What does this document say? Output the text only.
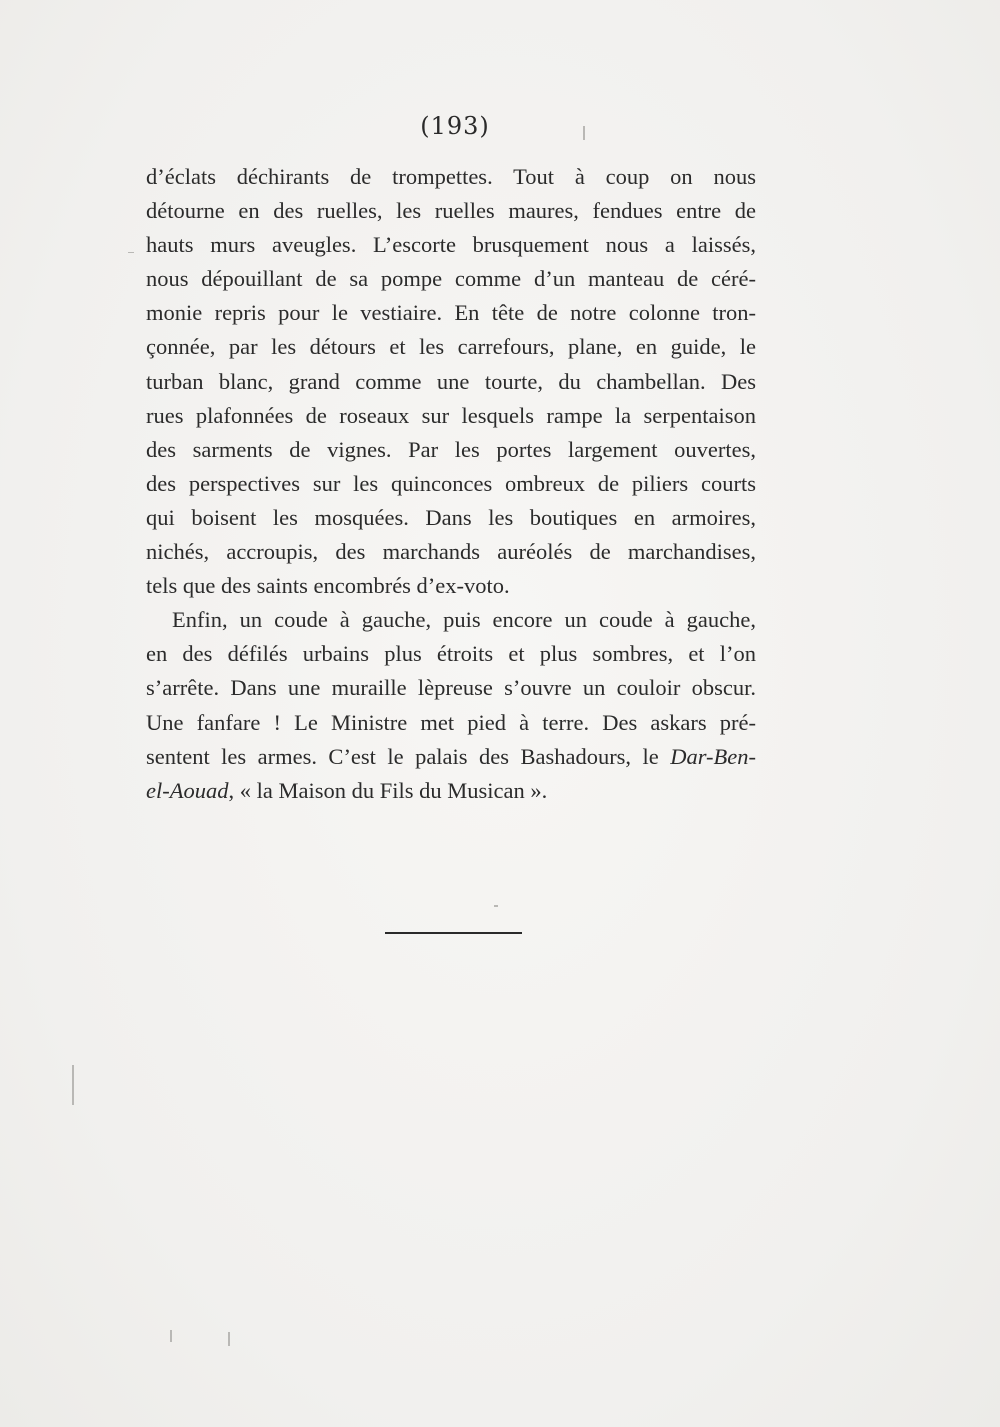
(193)
d’éclats déchirants de trompettes. Tout à coup on nous
détourne en des ruelles, les ruelles maures, fendues entre de
hauts murs aveugles. L’escorte brusquement nous a laissés,
nous dépouillant de sa pompe comme d’un manteau de céré-
monie repris pour le vestiaire. En tête de notre colonne tron-
çonnée, par les détours et les carrefours, plane, en guide, le
turban blanc, grand comme une tourte, du chambellan. Des
rues plafonnées de roseaux sur lesquels rampe la serpentaison
des sarments de vignes. Par les portes largement ouvertes,
des perspectives sur les quinconces ombreux de piliers courts
qui boisent les mosquées. Dans les boutiques en armoires,
nichés, accroupis, des marchands auréolés de marchandises,
tels que des saints encombrés d’ex-voto.
Enfin, un coude à gauche, puis encore un coude à gauche,
en des défilés urbains plus étroits et plus sombres, et l’on
s’arrête. Dans une muraille lèpreuse s’ouvre un couloir obscur.
Une fanfare ! Le Ministre met pied à terre. Des askars pré-
sentent les armes. C’est le palais des Bashadours, le Dar-Ben-
el-Aouad, « la Maison du Fils du Musican ».
